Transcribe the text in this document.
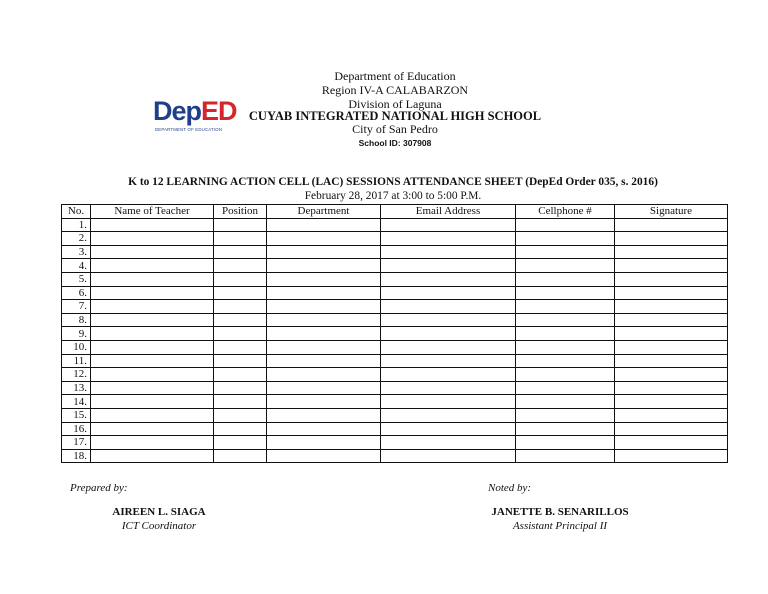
DepED
DEPARTMENT OF EDUCATION
Department of Education
Region IV-A CALABARZON
Division of Laguna
CUYAB INTEGRATED NATIONAL HIGH SCHOOL
City of San Pedro
School ID: 307908
K to 12 LEARNING ACTION CELL (LAC) SESSIONS ATTENDANCE SHEET (DepEd Order 035, s. 2016)
February 28, 2017 at 3:00 to 5:00 P.M.
No.	Name of Teacher	Position	Department	Email Address	Cellphone #	Signature
1.						
2.						
3.						
4.						
5.						
6.						
7.						
8.						
9.						
10.						
11.						
12.						
13.						
14.						
15.						
16.						
17.						
18.						
Prepared by:	Noted by:
AIREEN L. SIAGA
ICT Coordinator
JANETTE B. SENARILLOS
Assistant Principal II
